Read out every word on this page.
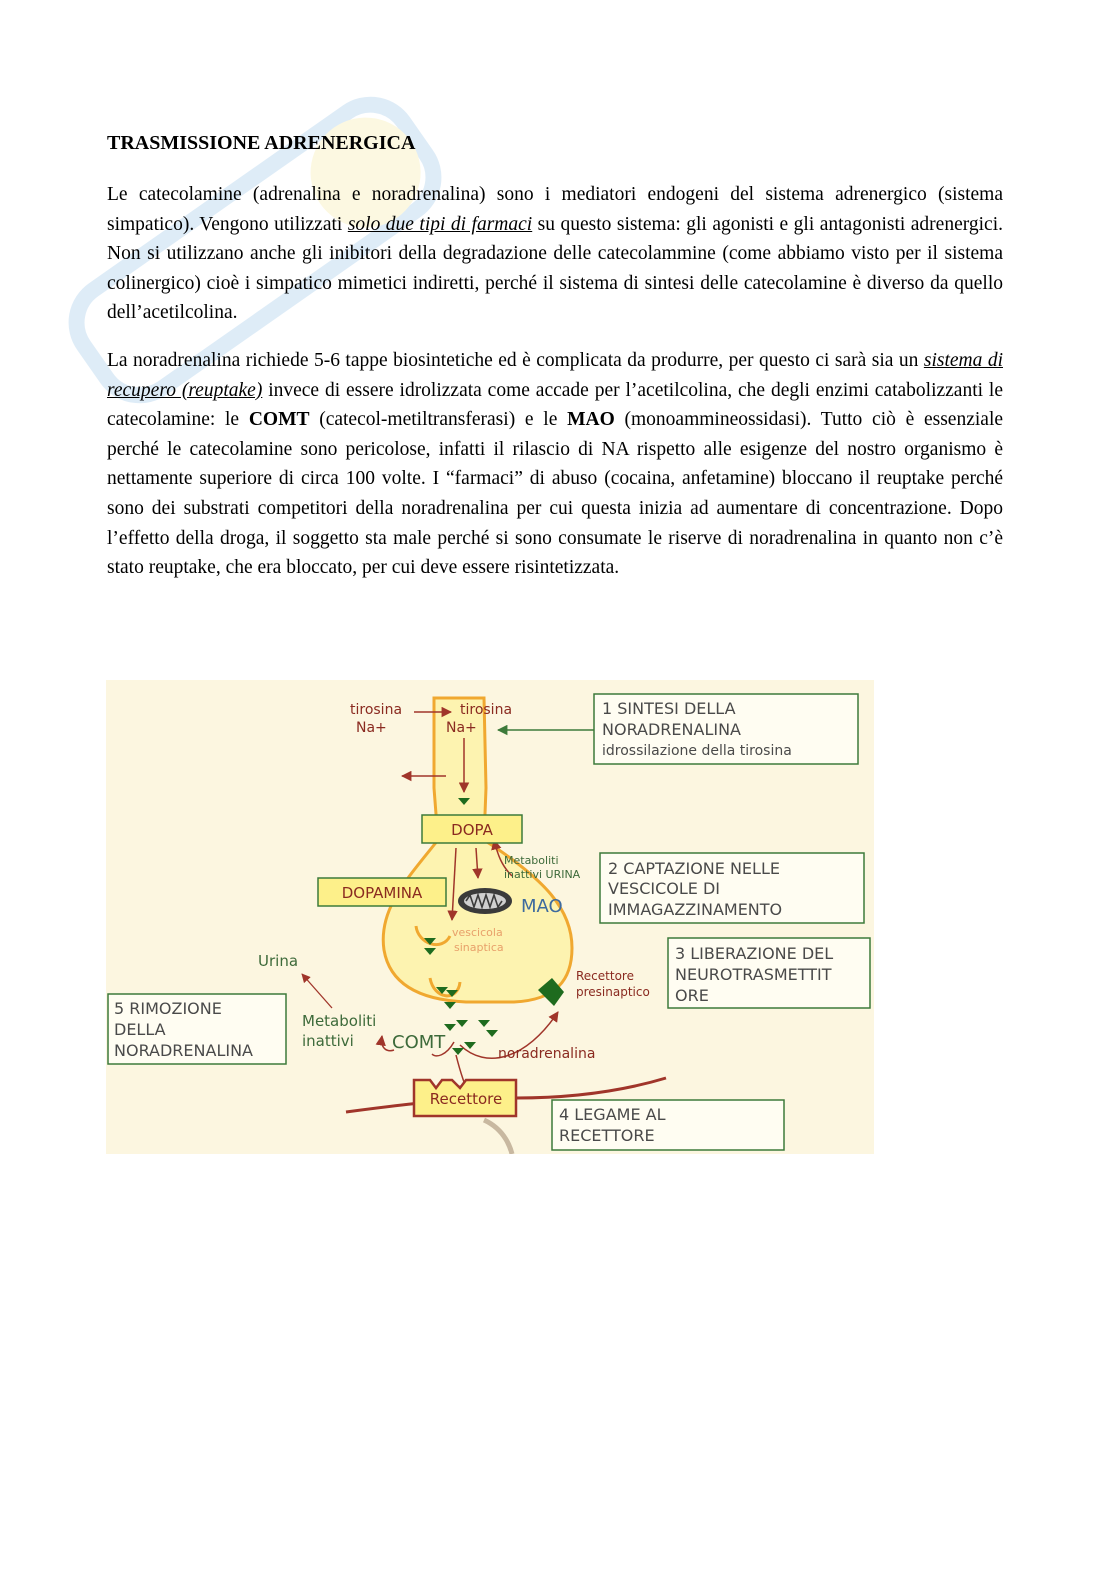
TRASMISSIONE ADRENERGICA

Le catecolamine (adrenalina e noradrenalina) sono i mediatori endogeni del sistema adrenergico (sistema simpatico). Vengono utilizzati solo due tipi di farmaci su questo sistema: gli agonisti e gli antagonisti adrenergici. Non si utilizzano anche gli inibitori della degradazione delle catecolammine (come abbiamo visto per il sistema colinergico) cioè i simpatico mimetici indiretti, perché il sistema di sintesi delle catecolamine è diverso da quello dell’acetilcolina.

La noradrenalina richiede 5-6 tappe biosintetiche ed è complicata da produrre, per questo ci sarà sia un sistema di recupero (reuptake) invece di essere idrolizzata come accade per l’acetilcolina, che degli enzimi catabolizzanti le catecolamine: le COMT (catecol-metiltransferasi) e le MAO (monoammineossidasi). Tutto ciò è essenziale perché le catecolamine sono pericolose, infatti il rilascio di NA rispetto alle esigenze del nostro organismo è nettamente superiore di circa 100 volte. I “farmaci” di abuso (cocaina, anfetamine) bloccano il reuptake perché sono dei substrati competitori della noradrenalina per cui questa inizia ad aumentare di concentrazione. Dopo l’effetto della droga, il soggetto sta male perché si sono consumate le riserve di noradrenalina in quanto non c’è stato reuptake, che era bloccato, per cui deve essere risintetizzata.

DOPA
DOPAMINA
Recettore
tirosina
Na+
tirosina
Na+
MAO
Urina
COMT
noradrenalina
Metaboliti
inattivi
Metaboliti
inattivi URINA
Recettore
presinaptico
vescicola
sinaptica
1 SINTESI DELLA
NORADRENALINA
idrossilazione della tirosina
2 CAPTAZIONE NELLE
VESCICOLE DI
IMMAGAZZINAMENTO
3 LIBERAZIONE DEL
NEUROTRASMETTIT
ORE
4 LEGAME AL
RECETTORE
5 RIMOZIONE
DELLA
NORADRENALINA
